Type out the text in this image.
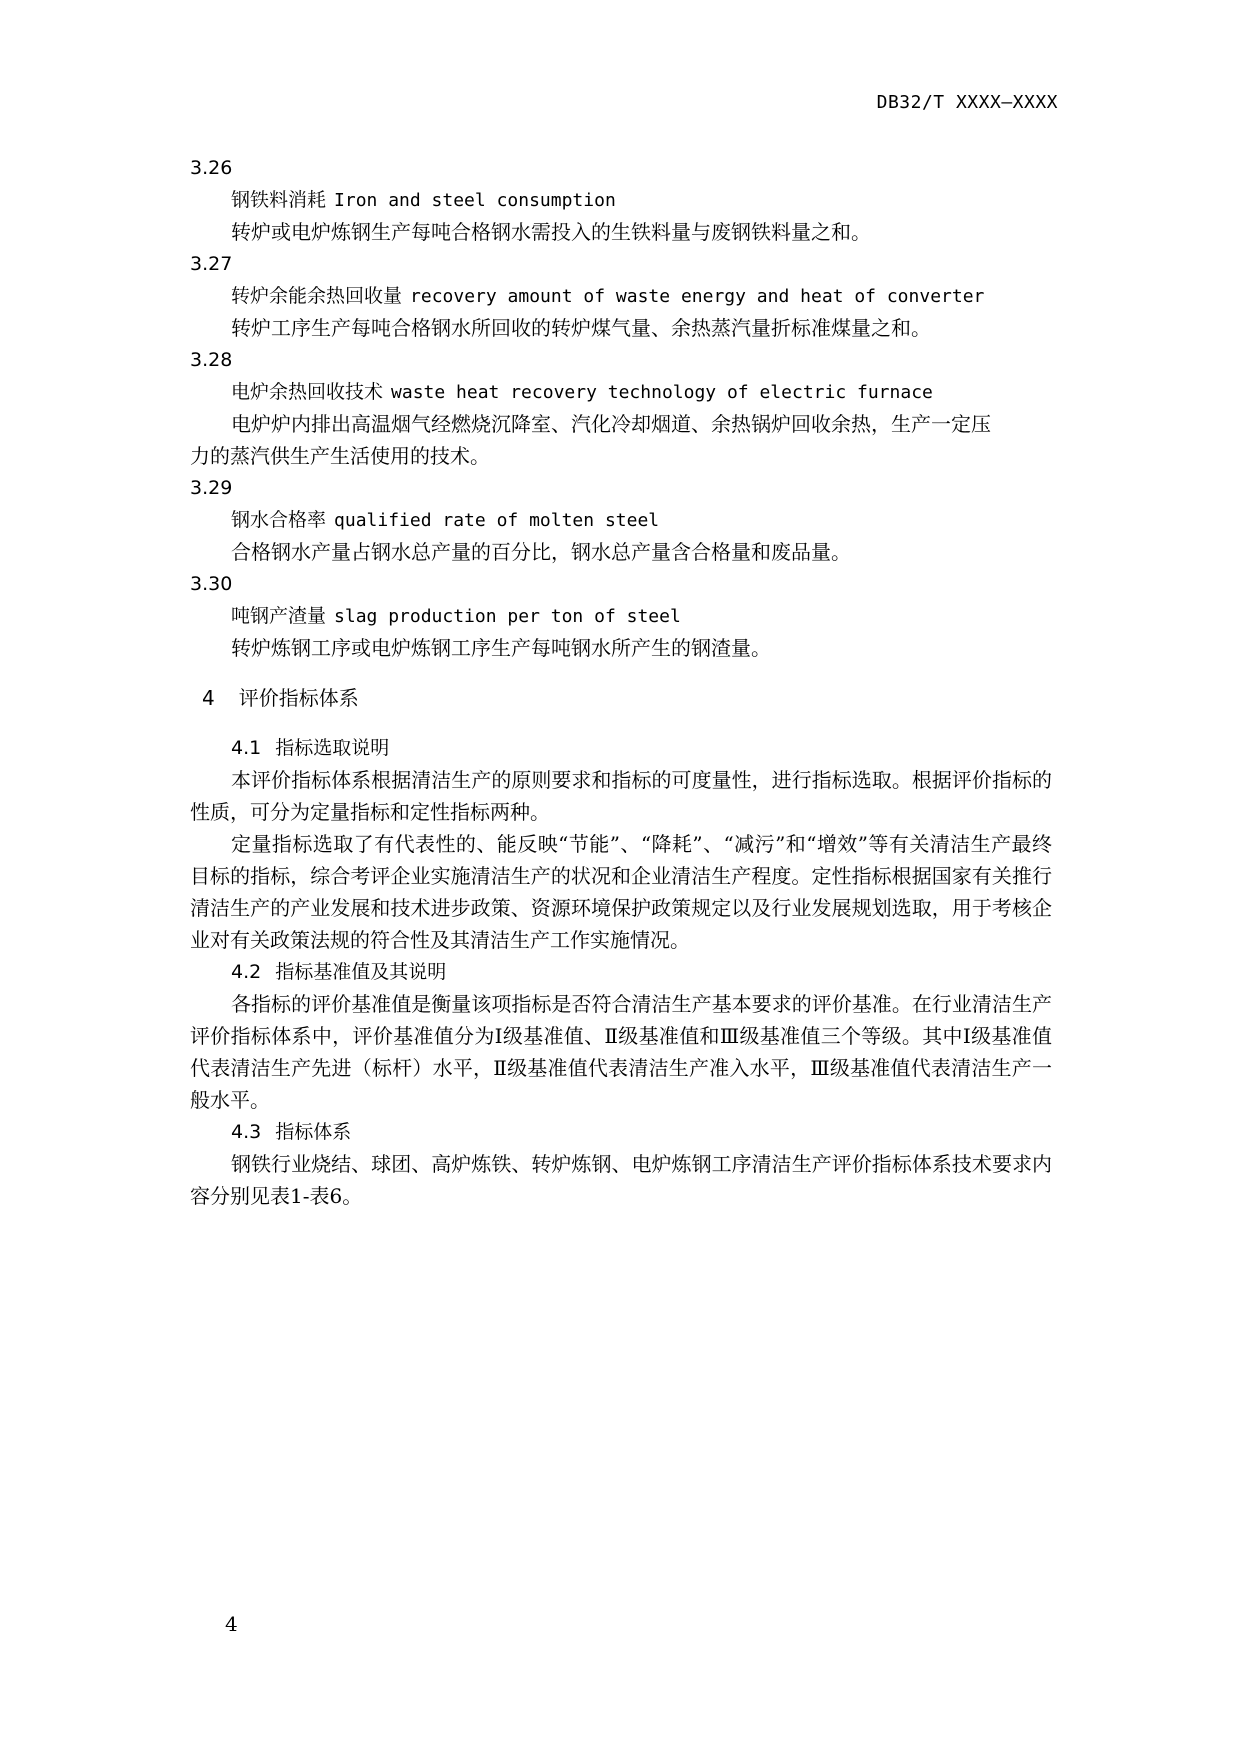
DB32/T XXXX—XXXX
3.26
钢铁料消耗 Iron and steel consumption
转炉或电炉炼钢生产每吨合格钢水需投入的生铁料量与废钢铁料量之和。
3.27
转炉余能余热回收量 recovery amount of waste energy and heat of converter
转炉工序生产每吨合格钢水所回收的转炉煤气量、余热蒸汽量折标准煤量之和。
3.28
电炉余热回收技术 waste heat recovery technology of electric furnace
电炉炉内排出高温烟气经燃烧沉降室、汽化冷却烟道、余热锅炉回收余热，生产一定压
力的蒸汽供生产生活使用的技术。
3.29
钢水合格率 qualified rate of molten steel
合格钢水产量占钢水总产量的百分比，钢水总产量含合格量和废品量。
3.30
吨钢产渣量 slag production per ton of steel
转炉炼钢工序或电炉炼钢工序生产每吨钢水所产生的钢渣量。
4 评价指标体系
4.1 指标选取说明
本评价指标体系根据清洁生产的原则要求和指标的可度量性，进行指标选取。根据评价指标的性质，可分为定量指标和定性指标两种。
定量指标选取了有代表性的、能反映“节能”、“降耗”、“减污”和“增效”等有关清洁生产最终目标的指标，综合考评企业实施清洁生产的状况和企业清洁生产程度。定性指标根据国家有关推行清洁生产的产业发展和技术进步政策、资源环境保护政策规定以及行业发展规划选取，用于考核企业对有关政策法规的符合性及其清洁生产工作实施情况。
4.2 指标基准值及其说明
各指标的评价基准值是衡量该项指标是否符合清洁生产基本要求的评价基准。在行业清洁生产评价指标体系中，评价基准值分为Ⅰ级基准值、Ⅱ级基准值和Ⅲ级基准值三个等级。其中Ⅰ级基准值代表清洁生产先进（标杆）水平，Ⅱ级基准值代表清洁生产准入水平，Ⅲ级基准值代表清洁生产一般水平。
4.3 指标体系
钢铁行业烧结、球团、高炉炼铁、转炉炼钢、电炉炼钢工序清洁生产评价指标体系技术要求内容分别见表1-表6。
4
